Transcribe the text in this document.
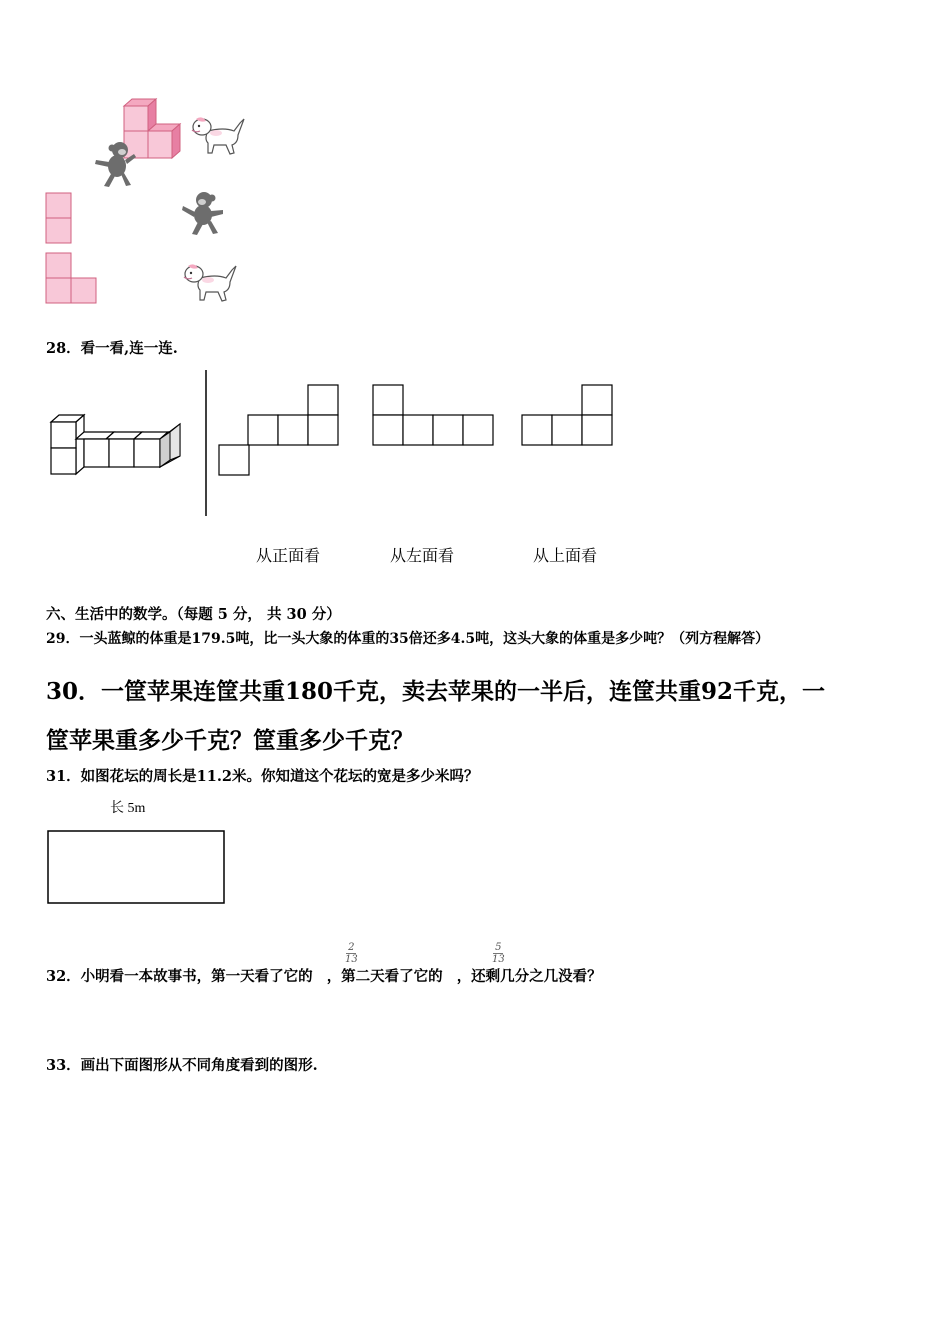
28．看一看,连一连.
从正面看	从左面看	从上面看
六、生活中的数学。（每题 5 分， 共 30 分）
29．一头蓝鲸的体重是179.5吨，比一头大象的体重的35倍还多4.5吨，这头大象的体重是多少吨？（列方程解答）
30．一筐苹果连筐共重180千克，卖去苹果的一半后，连筐共重92千克，一
筐苹果重多少千克？筐重多少千克？
31．如图花坛的周长是11.2米。你知道这个花坛的宽是多少米吗？
长 5m
32．小明看一本故事书，第一天看了它的 ，第二天看了它的 ，还剩几分之几没看？
2
13
5
13
33．画出下面图形从不同角度看到的图形.
